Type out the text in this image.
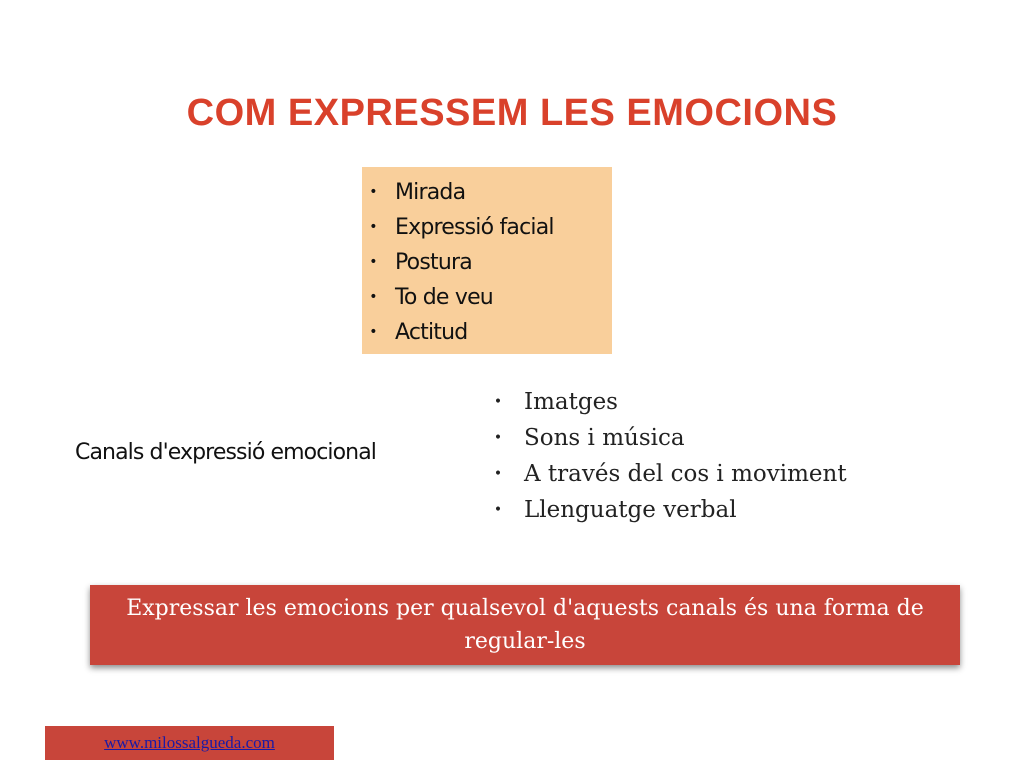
COM EXPRESSEM LES EMOCIONS
• Mirada
• Expressió facial
• Postura
• To de veu
• Actitud
Canals d'expressió emocional
• Imatges
• Sons i música
• A través del cos i moviment
• Llenguatge verbal
Expressar les emocions per qualsevol d'aquests canals és una forma de regular-les
www.milossalgueda.com
